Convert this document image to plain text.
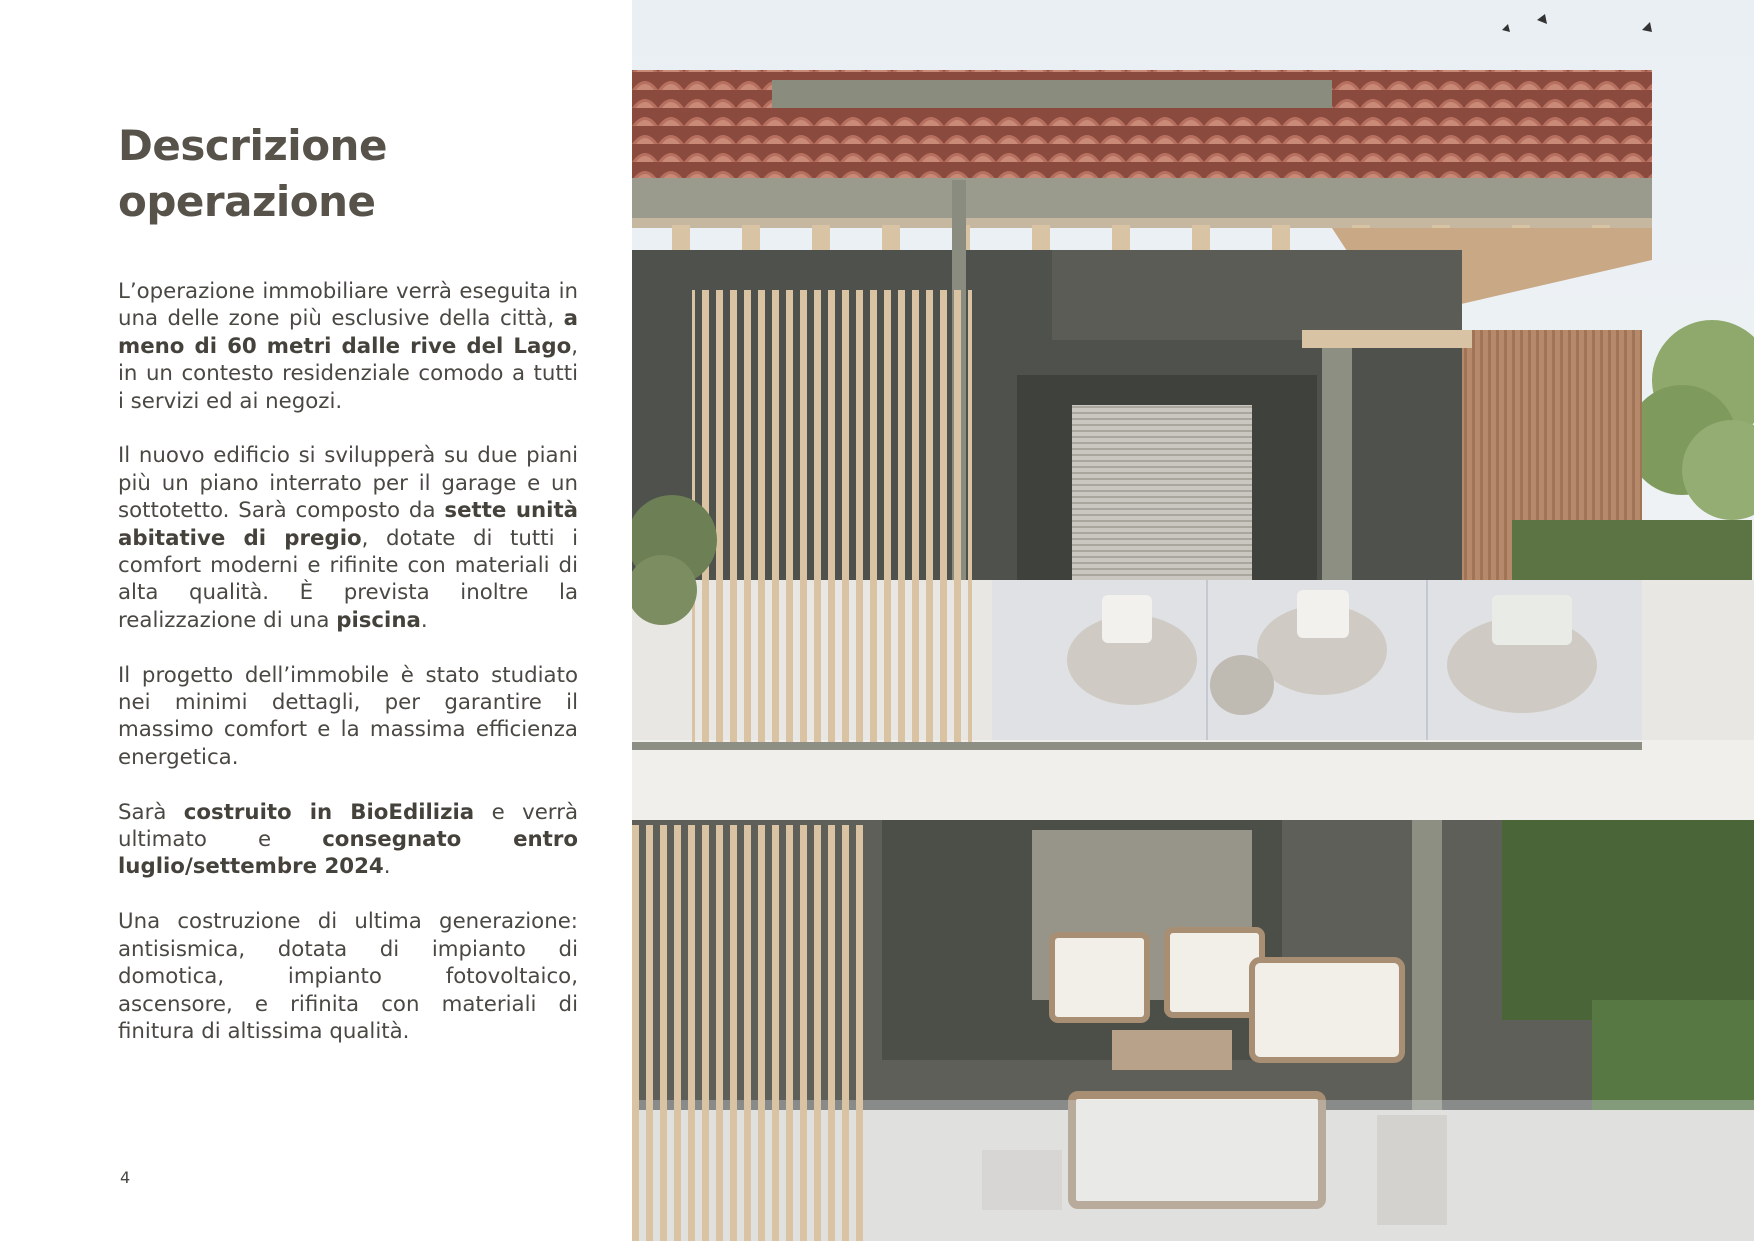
Descrizione
operazione

L’operazione immobiliare verrà eseguita in una delle zone più esclusive della città, a meno di 60 metri dalle rive del Lago, in un contesto residenziale comodo a tutti i servizi ed ai negozi.

Il nuovo edificio si svilupperà su due piani più un piano interrato per il garage e un sottotetto. Sarà composto da sette unità abitative di pregio, dotate di tutti i comfort moderni e rifinite con materiali di alta qualità. È prevista inoltre la realizzazione di una piscina.

Il progetto dell’immobile è stato studiato nei minimi dettagli, per garantire il massimo comfort e la massima efficienza energetica.

Sarà costruito in BioEdilizia e verrà ultimato e consegnato entro luglio/settembre 2024.

Una costruzione di ultima generazione: antisismica, dotata di impianto di domotica, impianto fotovoltaico, ascensore, e rifinita con materiali di finitura di altissima qualità.

4
